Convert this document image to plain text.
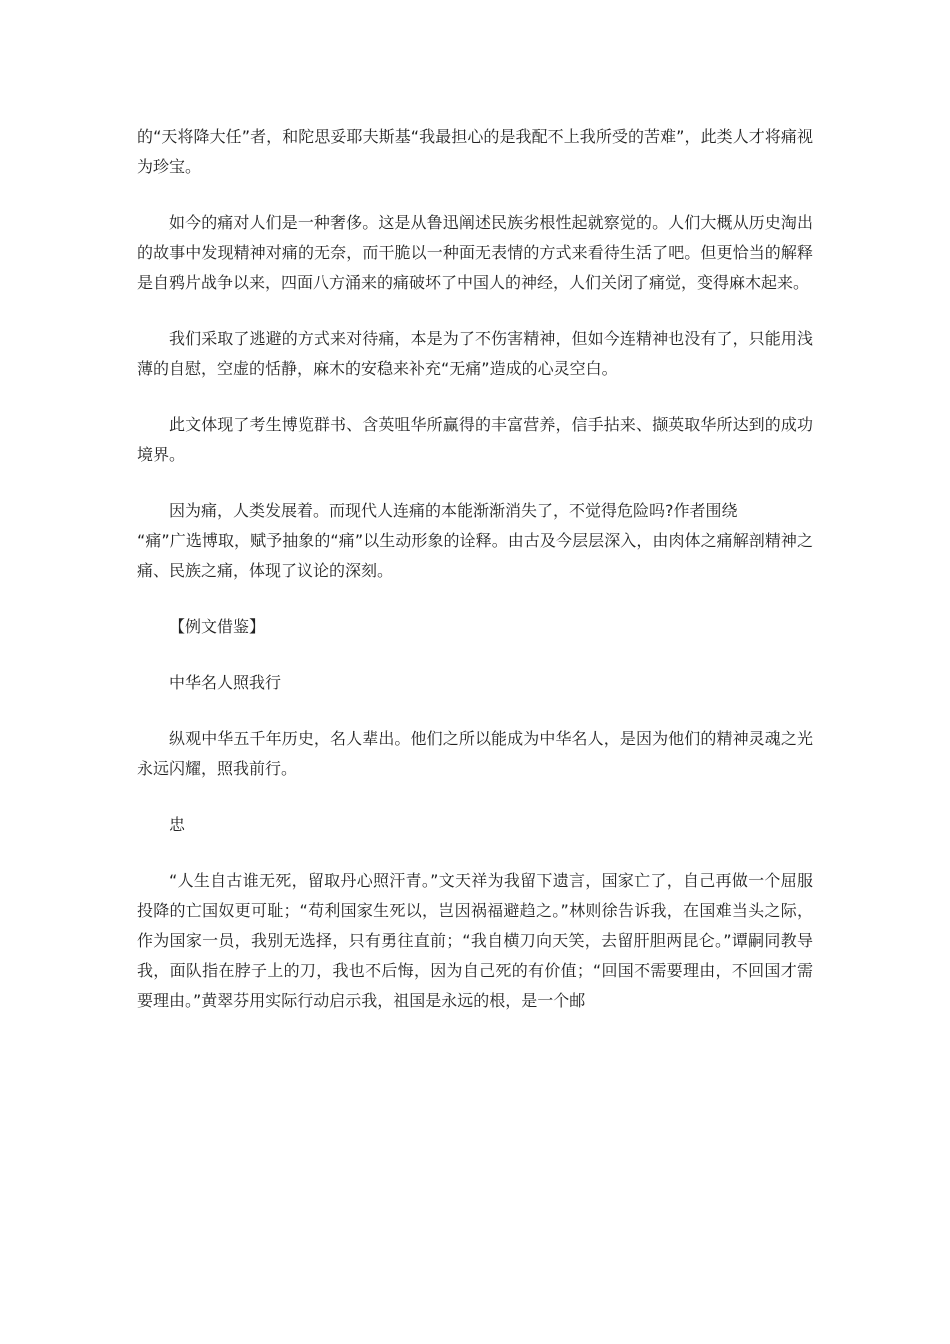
的“天将降大任”者，和陀思妥耶夫斯基“我最担心的是我配不上我所受的苦难”，此类人才将痛视为珍宝。

如今的痛对人们是一种奢侈。这是从鲁迅阐述民族劣根性起就察觉的。人们大概从历史淘出的故事中发现精神对痛的无奈，而干脆以一种面无表情的方式来看待生活了吧。但更恰当的解释是自鸦片战争以来，四面八方涌来的痛破坏了中国人的神经，人们关闭了痛觉，变得麻木起来。

我们采取了逃避的方式来对待痛，本是为了不伤害精神，但如今连精神也没有了，只能用浅薄的自慰，空虚的恬静，麻木的安稳来补充“无痛”造成的心灵空白。

此文体现了考生博览群书、含英咀华所赢得的丰富营养，信手拈来、撷英取华所达到的成功境界。

因为痛，人类发展着。而现代人连痛的本能渐渐消失了，不觉得危险吗?作者围绕

“痛”广选博取，赋予抽象的“痛”以生动形象的诠释。由古及今层层深入，由肉体之痛解剖精神之痛、民族之痛，体现了议论的深刻。

【例文借鉴】

中华名人照我行

纵观中华五千年历史，名人辈出。他们之所以能成为中华名人，是因为他们的精神灵魂之光永远闪耀，照我前行。

忠

“人生自古谁无死，留取丹心照汗青。”文天祥为我留下遗言，国家亡了，自己再做一个屈服投降的亡国奴更可耻；“苟利国家生死以，岂因祸福避趋之。”林则徐告诉我，在国难当头之际，作为国家一员，我别无选择，只有勇往直前；“我自横刀向天笑，去留肝胆两昆仑。”谭嗣同教导我，面队指在脖子上的刀，我也不后悔，因为自己死的有价值；“回国不需要理由，不回国才需要理由。”黄翠芬用实际行动启示我，祖国是永远的根，是一个邮
